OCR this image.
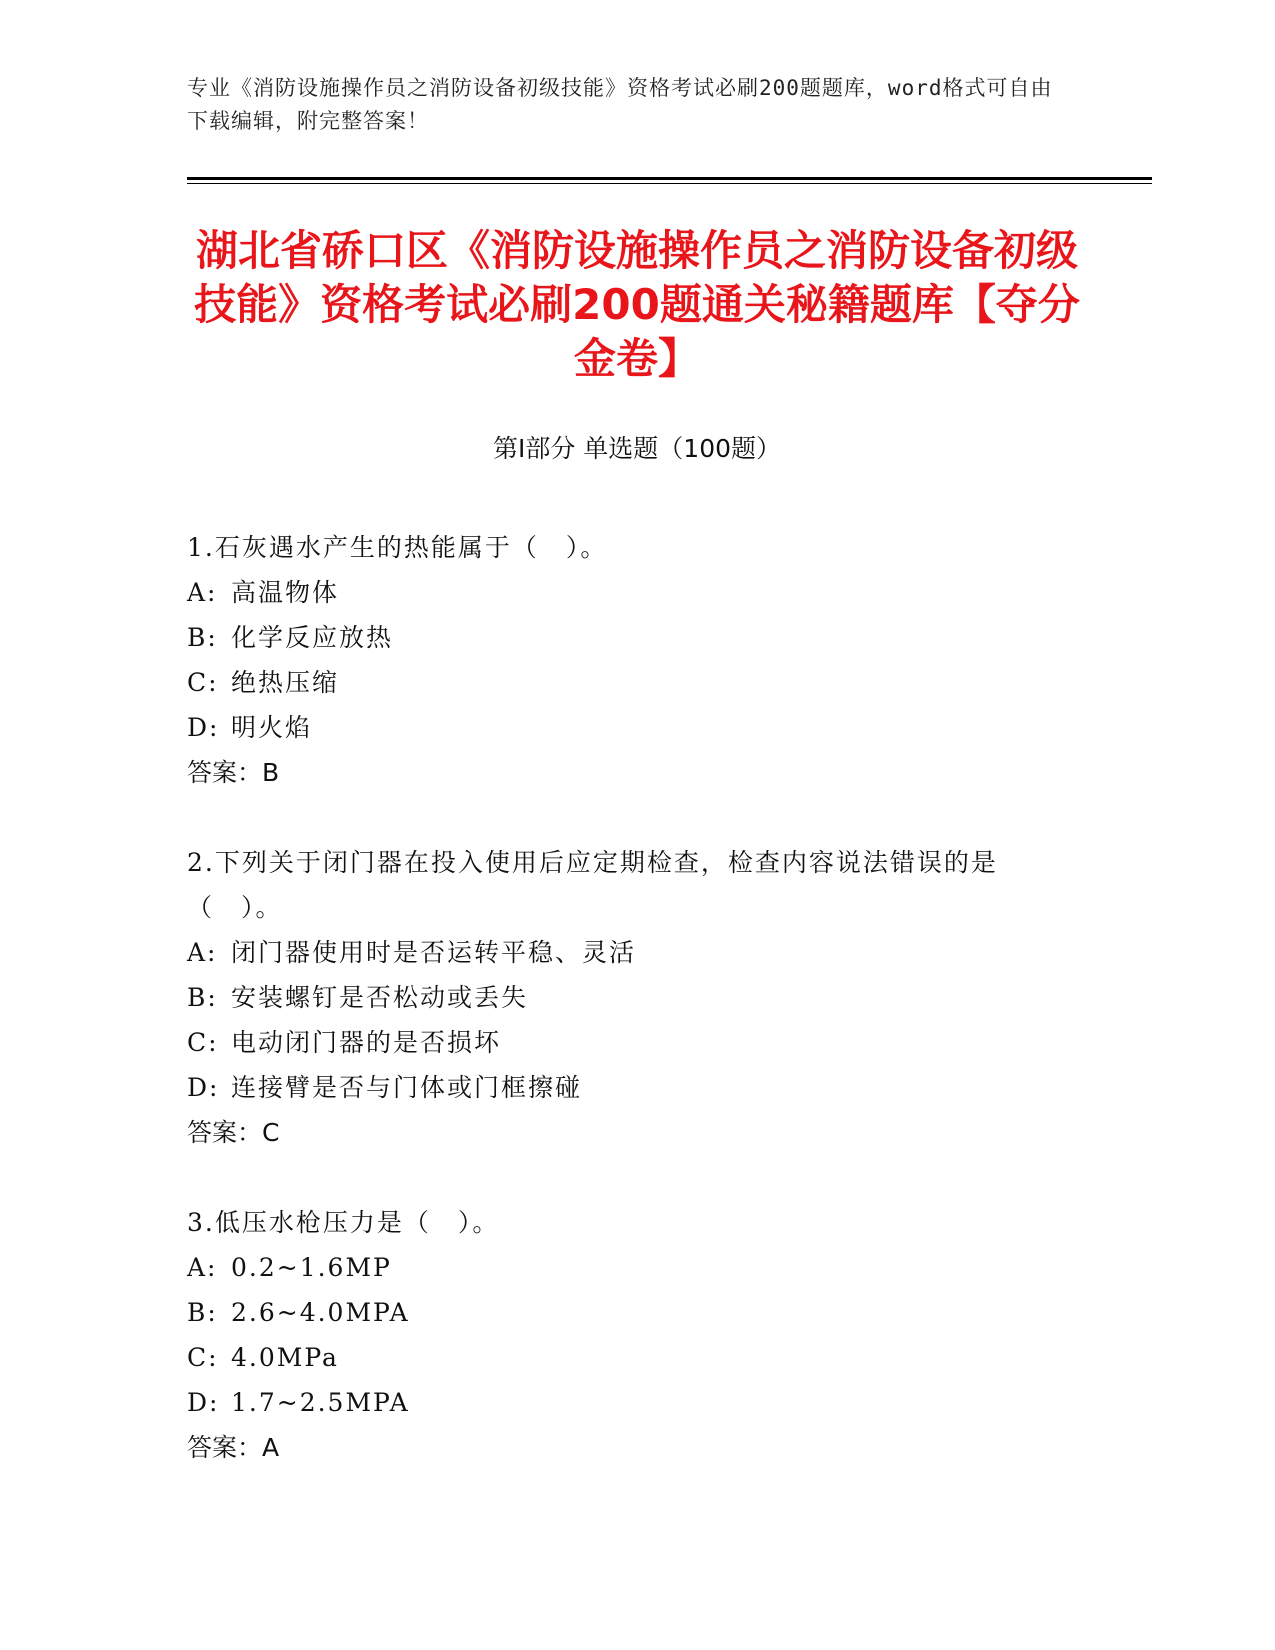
专业《消防设施操作员之消防设备初级技能》资格考试必刷200题题库，word格式可自由下载编辑，附完整答案！
湖北省硚口区《消防设施操作员之消防设备初级技能》资格考试必刷200题通关秘籍题库【夺分金卷】
第Ⅰ部分 单选题（100题）
1.石灰遇水产生的热能属于（　）。
A: 高温物体
B: 化学反应放热
C: 绝热压缩
D: 明火焰
答案：B
2.下列关于闭门器在投入使用后应定期检查，检查内容说法错误的是（　）。
A: 闭门器使用时是否运转平稳、灵活
B: 安装螺钉是否松动或丢失
C: 电动闭门器的是否损坏
D: 连接臂是否与门体或门框擦碰
答案：C
3.低压水枪压力是（　）。
A: 0.2~1.6MP
B: 2.6~4.0MPA
C: 4.0MPa
D: 1.7~2.5MPA
答案：A
